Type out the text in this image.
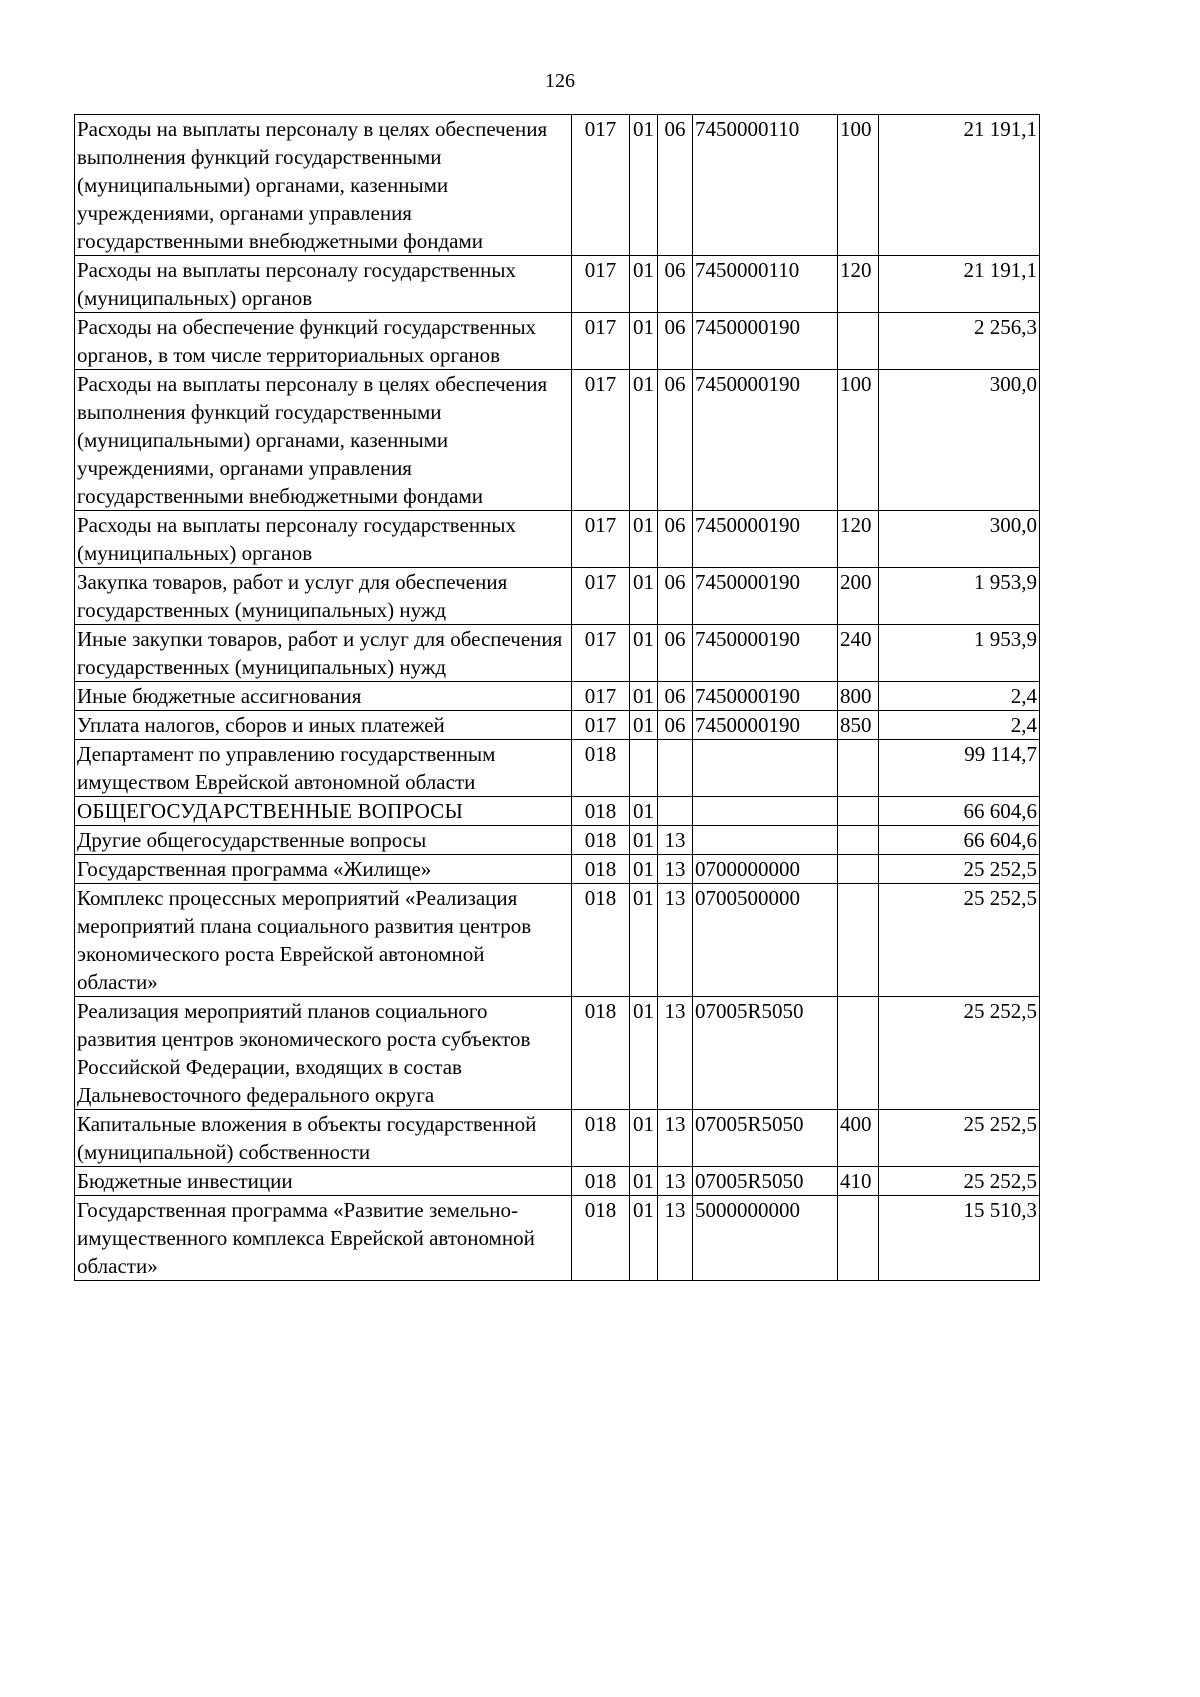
126
Расходы на выплаты персоналу в целях обеспечения выполнения функций государственными (муниципальными) органами, казенными учреждениями, органами управления государственными внебюджетными фондами	017	01	06	7450000110	100	21 191,1
Расходы на выплаты персоналу государственных (муниципальных) органов	017	01	06	7450000110	120	21 191,1
Расходы на обеспечение функций государственных органов, в том числе территориальных органов	017	01	06	7450000190		2 256,3
Расходы на выплаты персоналу в целях обеспечения выполнения функций государственными (муниципальными) органами, казенными учреждениями, органами управления государственными внебюджетными фондами	017	01	06	7450000190	100	300,0
Расходы на выплаты персоналу государственных (муниципальных) органов	017	01	06	7450000190	120	300,0
Закупка товаров, работ и услуг для обеспечения государственных (муниципальных) нужд	017	01	06	7450000190	200	1 953,9
Иные закупки товаров, работ и услуг для обеспечения государственных (муниципальных) нужд	017	01	06	7450000190	240	1 953,9
Иные бюджетные ассигнования	017	01	06	7450000190	800	2,4
Уплата налогов, сборов и иных платежей	017	01	06	7450000190	850	2,4
Департамент по управлению государственным имуществом Еврейской автономной области	018					99 114,7
ОБЩЕГОСУДАРСТВЕННЫЕ ВОПРОСЫ	018	01				66 604,6
Другие общегосударственные вопросы	018	01	13			66 604,6
Государственная программа «Жилище»	018	01	13	0700000000		25 252,5
Комплекс процессных мероприятий «Реализация мероприятий плана социального развития центров экономического роста Еврейской автономной области»	018	01	13	0700500000		25 252,5
Реализация мероприятий планов социального развития центров экономического роста субъектов Российской Федерации, входящих в состав Дальневосточного федерального округа	018	01	13	07005R5050		25 252,5
Капитальные вложения в объекты государственной (муниципальной) собственности	018	01	13	07005R5050	400	25 252,5
Бюджетные инвестиции	018	01	13	07005R5050	410	25 252,5
Государственная программа «Развитие земельно-имущественного комплекса Еврейской автономной области»	018	01	13	5000000000		15 510,3
